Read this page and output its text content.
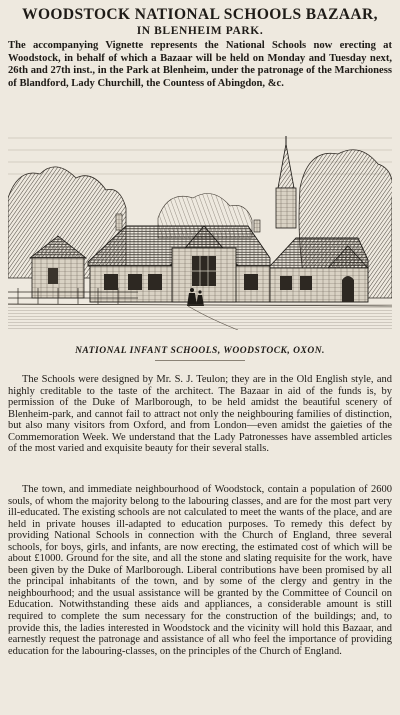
WOODSTOCK NATIONAL SCHOOLS BAZAAR,
IN BLENHEIM PARK.

The accompanying Vignette represents the National Schools now erecting at Woodstock, in behalf of which a Bazaar will be held on Monday and Tuesday next, 26th and 27th inst., in the Park at Blenheim, under the patronage of the Marchioness of Blandford, Lady Churchill, the Countess of Abingdon, &c.

NATIONAL INFANT SCHOOLS, WOODSTOCK, OXON.

The Schools were designed by Mr. S. J. Teulon; they are in the Old English style, and highly creditable to the taste of the architect. The Bazaar in aid of the funds is, by permission of the Duke of Marlborough, to be held amidst the beautiful scenery of Blenheim-park, and cannot fail to attract not only the neighbouring families of distinction, but also many visitors from Oxford, and from London—even amidst the gaieties of the Commemoration Week. We understand that the Lady Patronesses have assembled articles of the most varied and exquisite beauty for their several stalls.

The town, and immediate neighbourhood of Woodstock, contain a population of 2600 souls, of whom the majority belong to the labouring classes, and are for the most part very ill-educated. The existing schools are not calculated to meet the wants of the place, and are held in private houses ill-adapted to education purposes. To remedy this defect by providing National Schools in connection with the Church of England, three several schools, for boys, girls, and infants, are now erecting, the estimated cost of which will be about £1000. Ground for the site, and all the stone and slating requisite for the work, have been given by the Duke of Marlborough. Liberal contributions have been promised by all the principal inhabitants of the town, and by some of the clergy and gentry in the neighbourhood; and the usual assistance will be granted by the Committee of Council on Education. Notwithstanding these aids and appliances, a considerable amount is still required to complete the sum necessary for the construction of the buildings; and, to provide this, the ladies interested in Woodstock and the vicinity will hold this Bazaar, and earnestly request the patronage and assistance of all who feel the importance of providing education for the labouring-classes, on the principles of the Church of England.
